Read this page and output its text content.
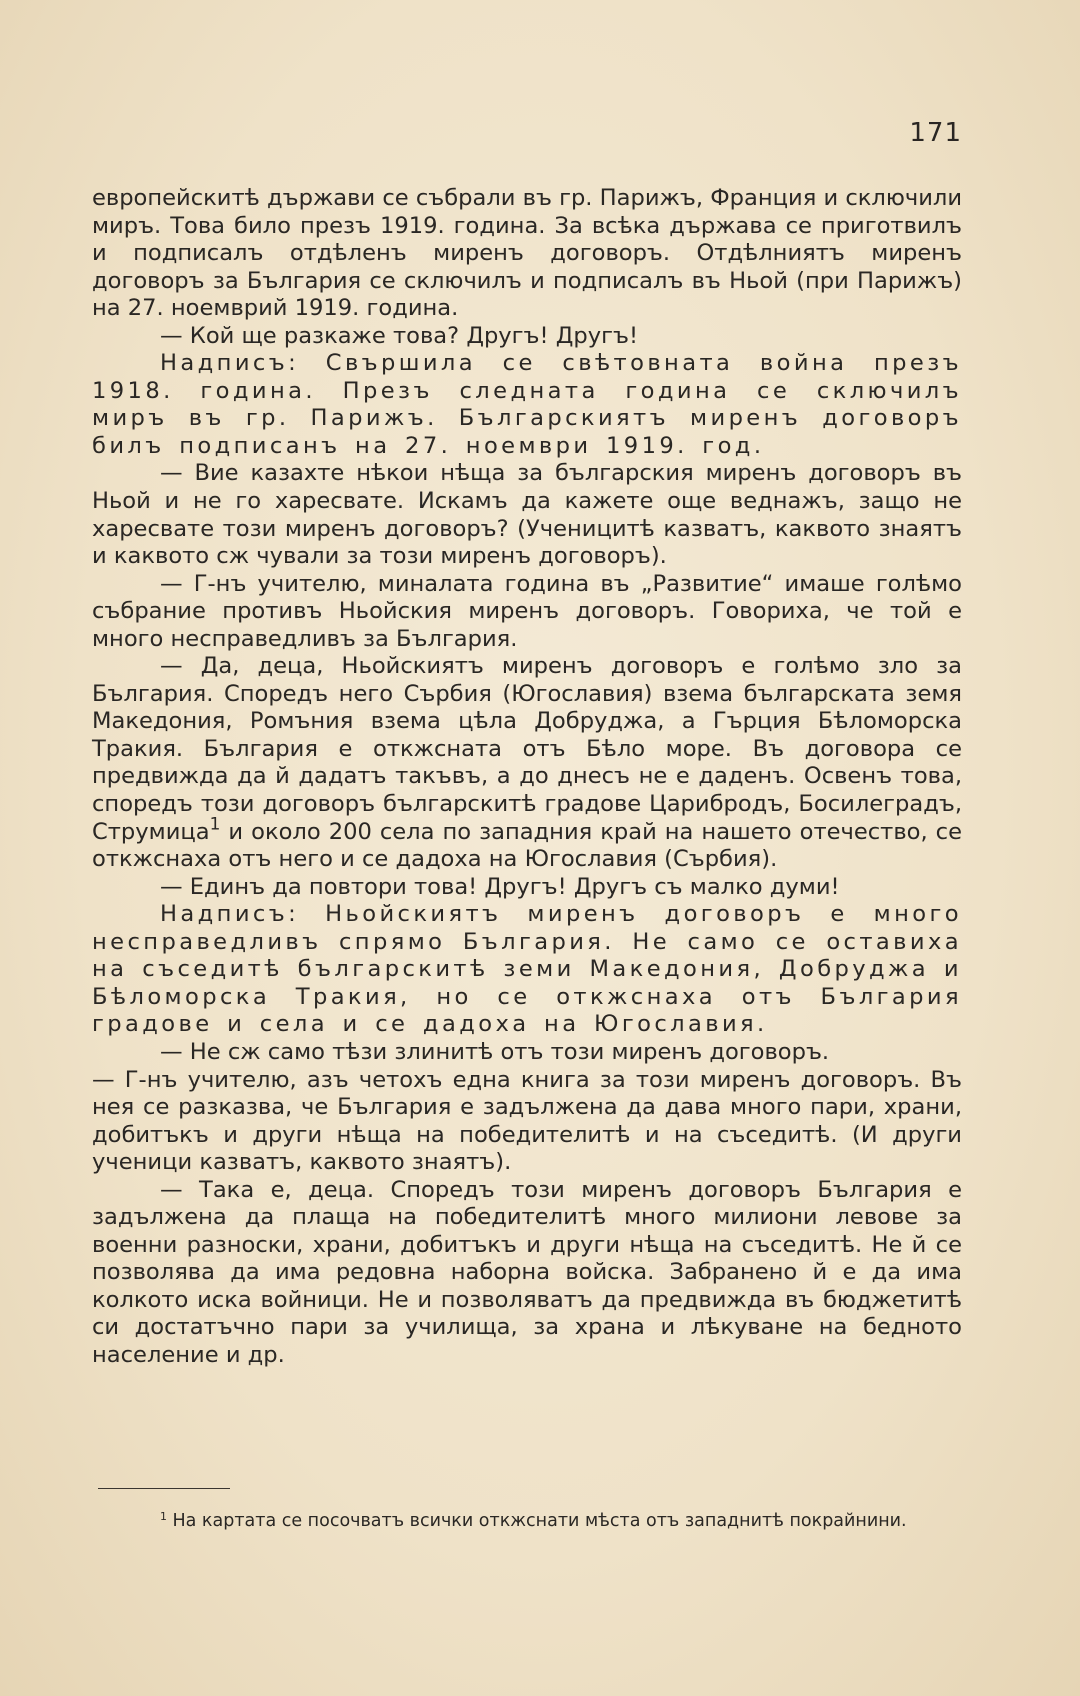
171

европейскитѣ държави се събрали въ гр. Парижъ, Франция и сключили миръ. Това било презъ 1919. година. За всѣка държава се приготвилъ и подписалъ отдѣленъ миренъ договоръ. Отдѣлниятъ миренъ договоръ за България се сключилъ и подписалъ въ Ньой (при Парижъ) на 27. ноемврий 1919. година.

— Кой ще разкаже това? Другъ! Другъ!

Надписъ: Свършила се свѣтовната война презъ 1918. година. Презъ следната година се сключилъ миръ въ гр. Парижъ. Българскиятъ миренъ договоръ билъ подписанъ на 27. ноември 1919. год.

— Вие казахте нѣкои нѣща за българския миренъ договоръ въ Ньой и не го харесвате. Искамъ да кажете още веднажъ, защо не харесвате този миренъ договоръ? (Ученицитѣ казватъ, каквото знаятъ и каквото сж чували за този миренъ договоръ).

— Г-нъ учителю, миналата година въ „Развитие“ имаше голѣмо събрание противъ Ньойския миренъ договоръ. Говориха, че той е много несправедливъ за България.

— Да, деца, Ньойскиятъ миренъ договоръ е голѣмо зло за България. Споредъ него Сърбия (Югославия) взема българската земя Македония, Ромъния взема цѣла Добруджа, а Гърция Бѣломорска Тракия. България е откжсната отъ Бѣло море. Въ договора се предвижда да й дадатъ такъвъ, а до днесъ не е даденъ. Освенъ това, споредъ този договоръ българскитѣ градове Царибродъ, Босилеградъ, Струмица$^1$ и около 200 села по западния край на нашето отечество, се откжснаха отъ него и се дадоха на Югославия (Сърбия).

— Единъ да повтори това! Другъ! Другъ съ малко думи!

Надписъ: Ньойскиятъ миренъ договоръ е много несправедливъ спрямо България. Не само се оставиха на съседитѣ българскитѣ земи Македония, Добруджа и Бѣломорска Тракия, но се откжснаха отъ България градове и села и се дадоха на Югославия.

— Не сж само тѣзи злинитѣ отъ този миренъ договоръ.

— Г-нъ учителю, азъ четохъ една книга за този миренъ договоръ. Въ нея се разказва, че България е задължена да дава много пари, храни, добитъкъ и други нѣща на победителитѣ и на съседитѣ. (И други ученици казватъ, каквото знаятъ).

— Така е, деца. Споредъ този миренъ договоръ България е задължена да плаща на победителитѣ много милиони левове за военни разноски, храни, добитъкъ и други нѣща на съседитѣ. Не й се позволява да има редовна наборна войска. Забранено й е да има колкото иска войници. Не и позволяватъ да предвижда въ бюджетитѣ си достатъчно пари за училища, за храна и лѣкуване на бедното население и др.

$^1$ На картата се посочватъ всички откжснати мѣста отъ западнитѣ покрайнини.
